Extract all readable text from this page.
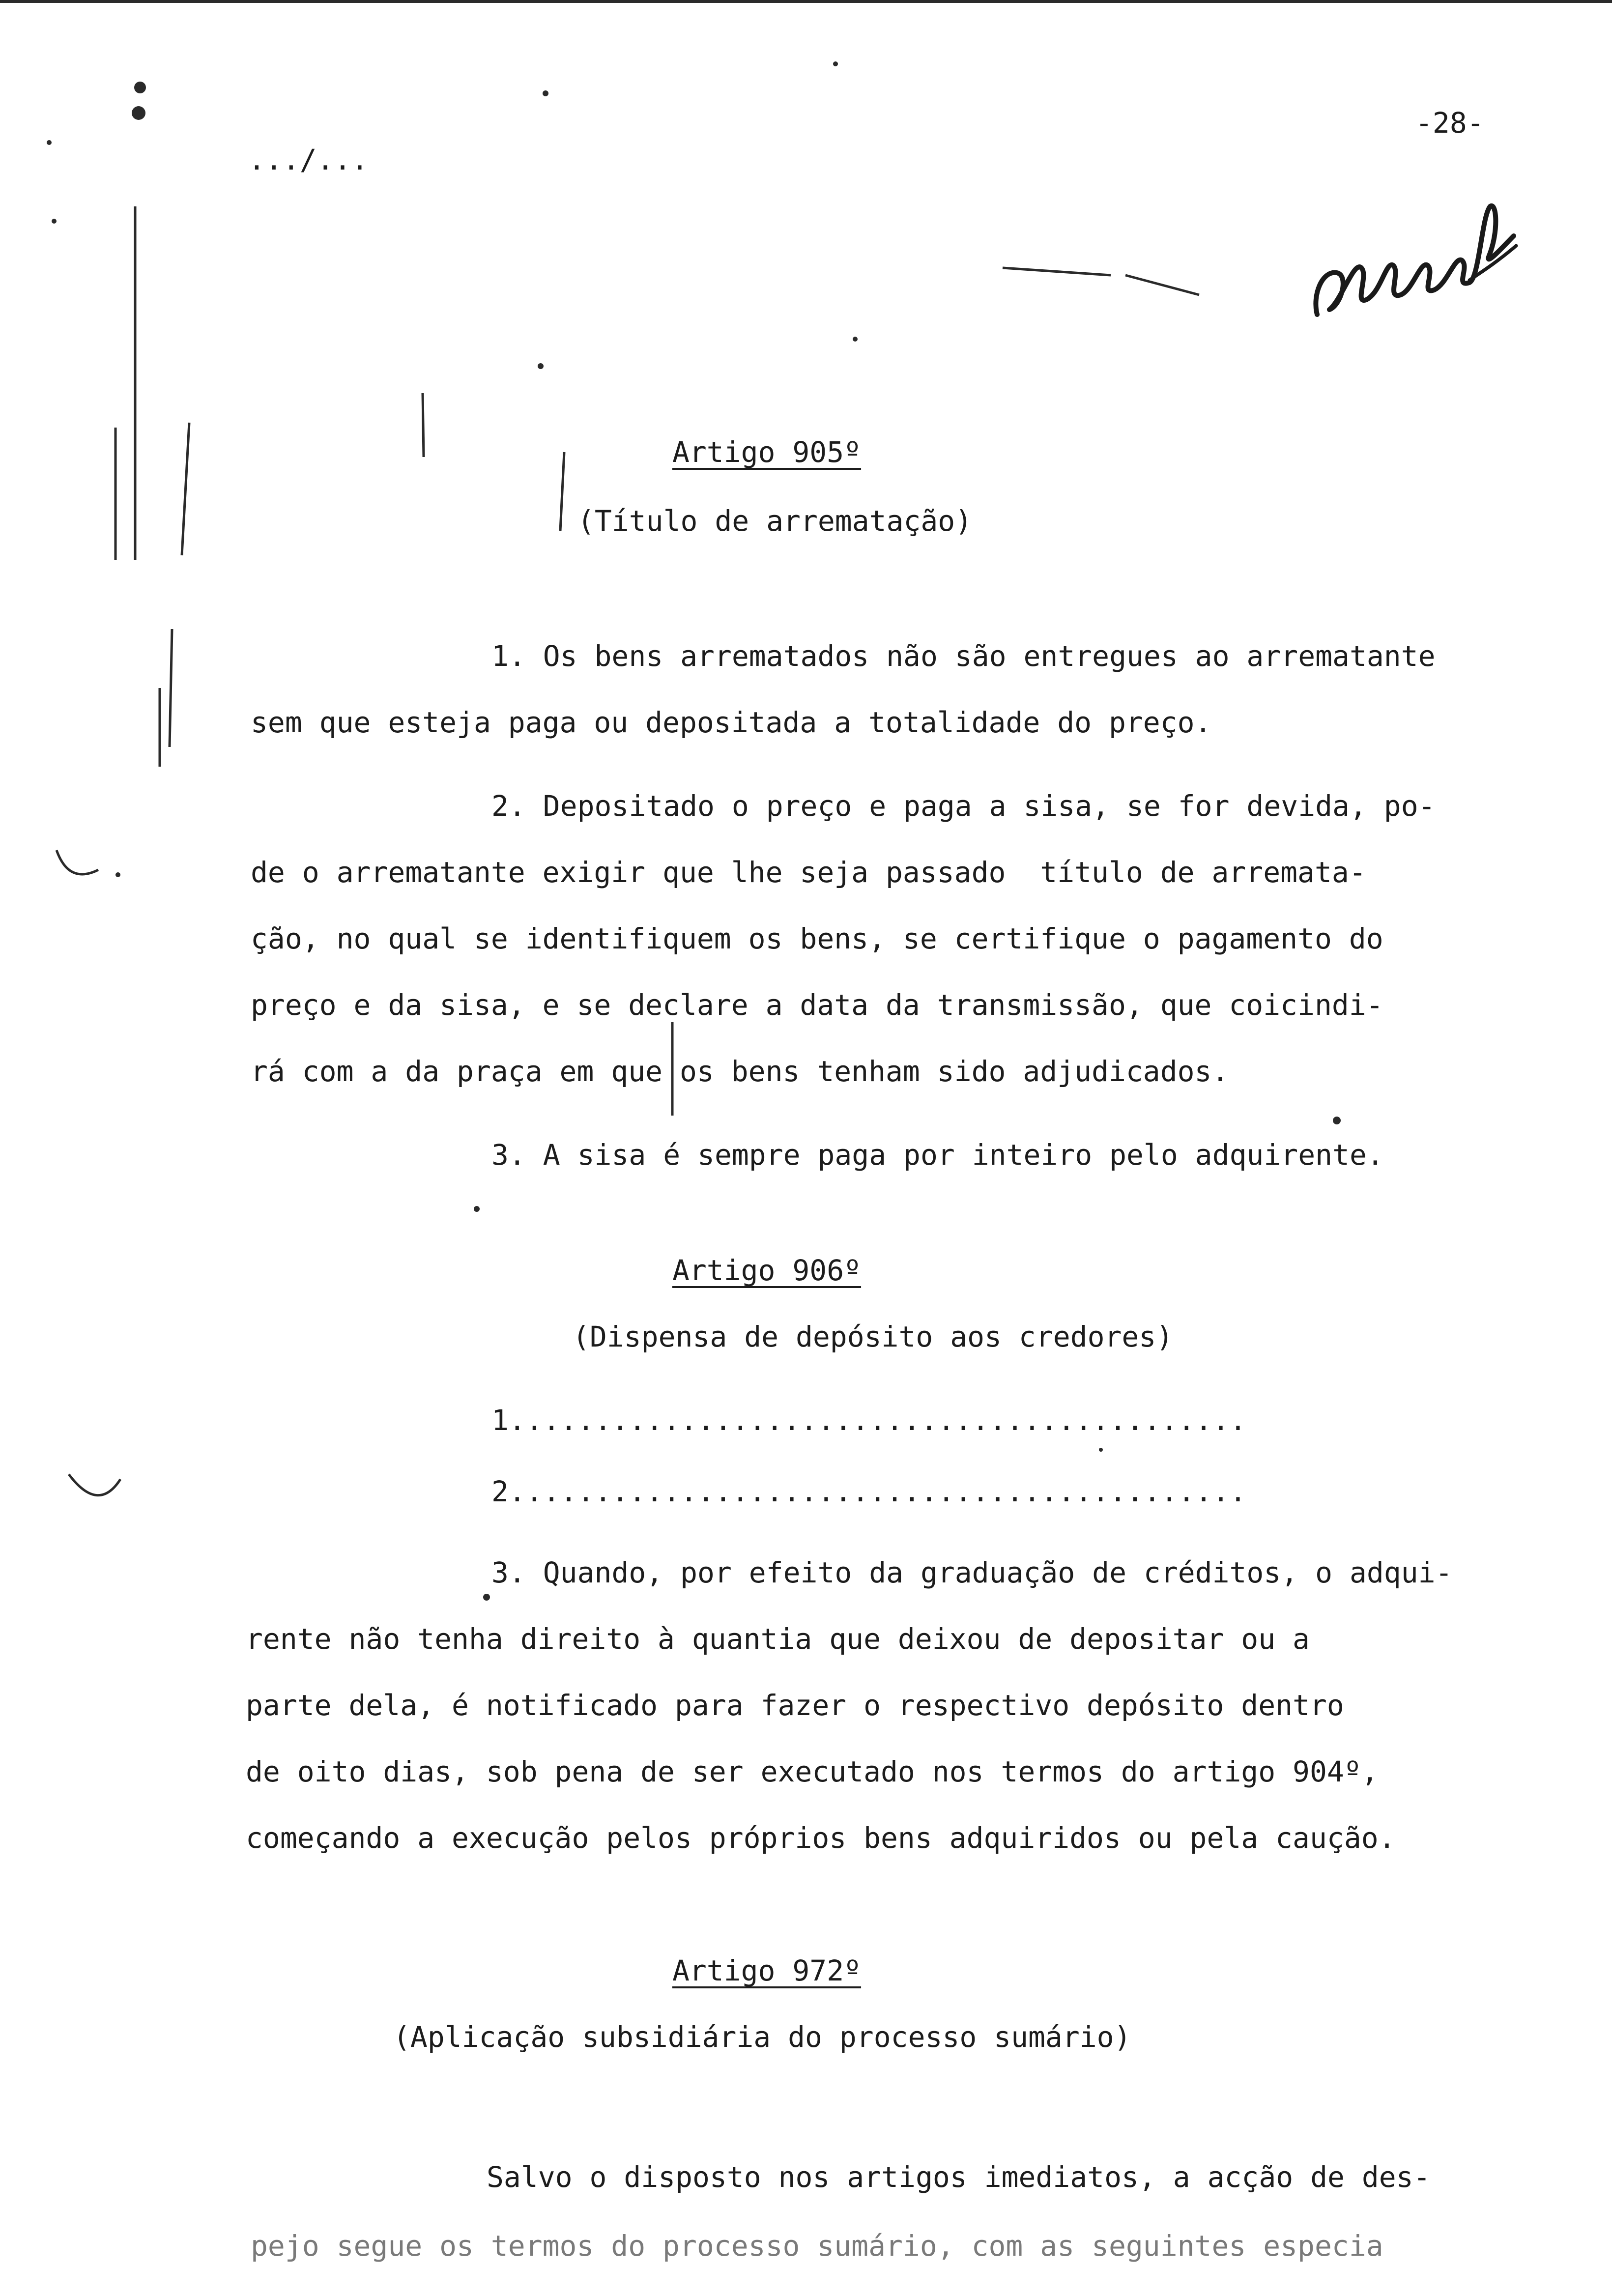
.../...
-28-
Artigo 905º
(Título de arrematação)
1. Os bens arrematados não são entregues ao arrematante
sem que esteja paga ou depositada a totalidade do preço.
2. Depositado o preço e paga a sisa, se for devida, po-
de o arrematante exigir que lhe seja passado  título de arremata-
ção, no qual se identifiquem os bens, se certifique o pagamento do
preço e da sisa, e se declare a data da transmissão, que coicindi-
rá com a da praça em que os bens tenham sido adjudicados.
3. A sisa é sempre paga por inteiro pelo adquirente.
Artigo 906º
(Dispensa de depósito aos credores)
1...........................................
2...........................................
3. Quando, por efeito da graduação de créditos, o adqui-
rente não tenha direito à quantia que deixou de depositar ou a
parte dela, é notificado para fazer o respectivo depósito dentro
de oito dias, sob pena de ser executado nos termos do artigo 904º,
começando a execução pelos próprios bens adquiridos ou pela caução.
Artigo 972º
(Aplicação subsidiária do processo sumário)
Salvo o disposto nos artigos imediatos, a acção de des-
pejo segue os termos do processo sumário, com as seguintes especia
